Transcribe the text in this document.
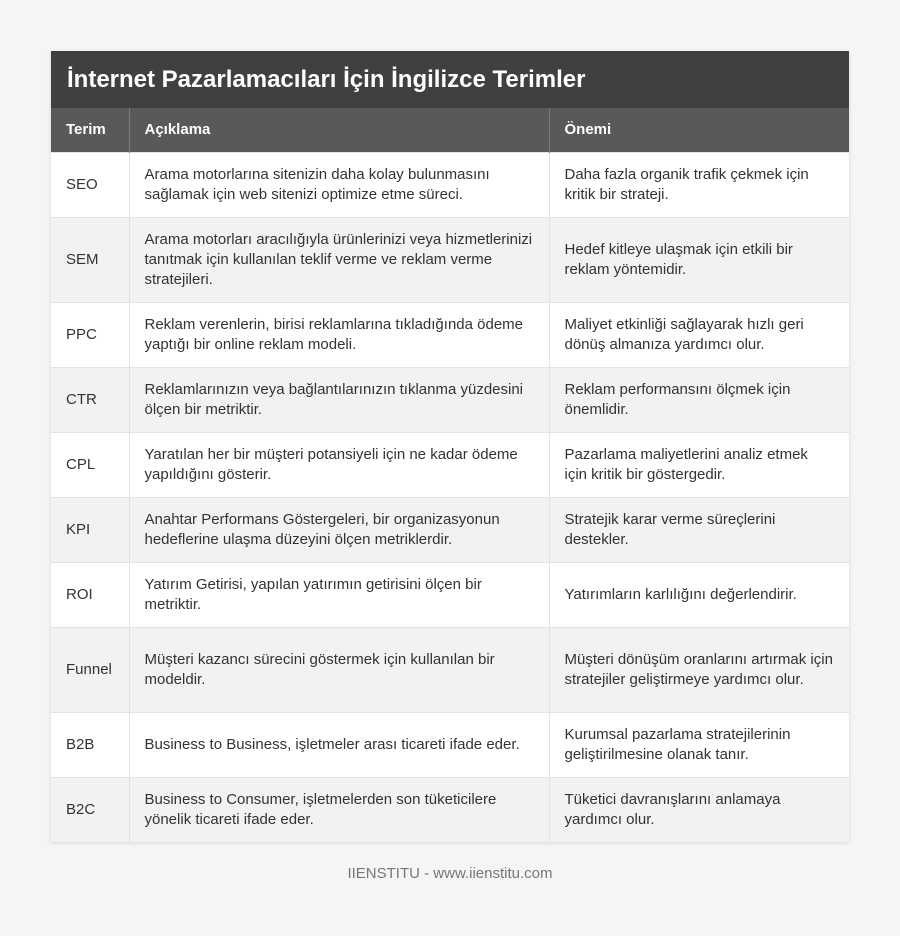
İnternet Pazarlamacıları İçin İngilizce Terimler
Terim	Açıklama	Önemi
SEO	Arama motorlarına sitenizin daha kolay bulunmasını sağlamak için web sitenizi optimize etme süreci.	Daha fazla organik trafik çekmek için kritik bir strateji.
SEM	Arama motorları aracılığıyla ürünlerinizi veya hizmetlerinizi tanıtmak için kullanılan teklif verme ve reklam verme stratejileri.	Hedef kitleye ulaşmak için etkili bir reklam yöntemidir.
PPC	Reklam verenlerin, birisi reklamlarına tıkladığında ödeme yaptığı bir online reklam modeli.	Maliyet etkinliği sağlayarak hızlı geri dönüş almanıza yardımcı olur.
CTR	Reklamlarınızın veya bağlantılarınızın tıklanma yüzdesini ölçen bir metriktir.	Reklam performansını ölçmek için önemlidir.
CPL	Yaratılan her bir müşteri potansiyeli için ne kadar ödeme yapıldığını gösterir.	Pazarlama maliyetlerini analiz etmek için kritik bir göstergedir.
KPI	Anahtar Performans Göstergeleri, bir organizasyonun hedeflerine ulaşma düzeyini ölçen metriklerdir.	Stratejik karar verme süreçlerini destekler.
ROI	Yatırım Getirisi, yapılan yatırımın getirisini ölçen bir metriktir.	Yatırımların karlılığını değerlendirir.
Funnel	Müşteri kazancı sürecini göstermek için kullanılan bir modeldir.	Müşteri dönüşüm oranlarını artırmak için stratejiler geliştirmeye yardımcı olur.
B2B	Business to Business, işletmeler arası ticareti ifade eder.	Kurumsal pazarlama stratejilerinin geliştirilmesine olanak tanır.
B2C	Business to Consumer, işletmelerden son tüketicilere yönelik ticareti ifade eder.	Tüketici davranışlarını anlamaya yardımcı olur.
IIENSTITU - www.iienstitu.com
